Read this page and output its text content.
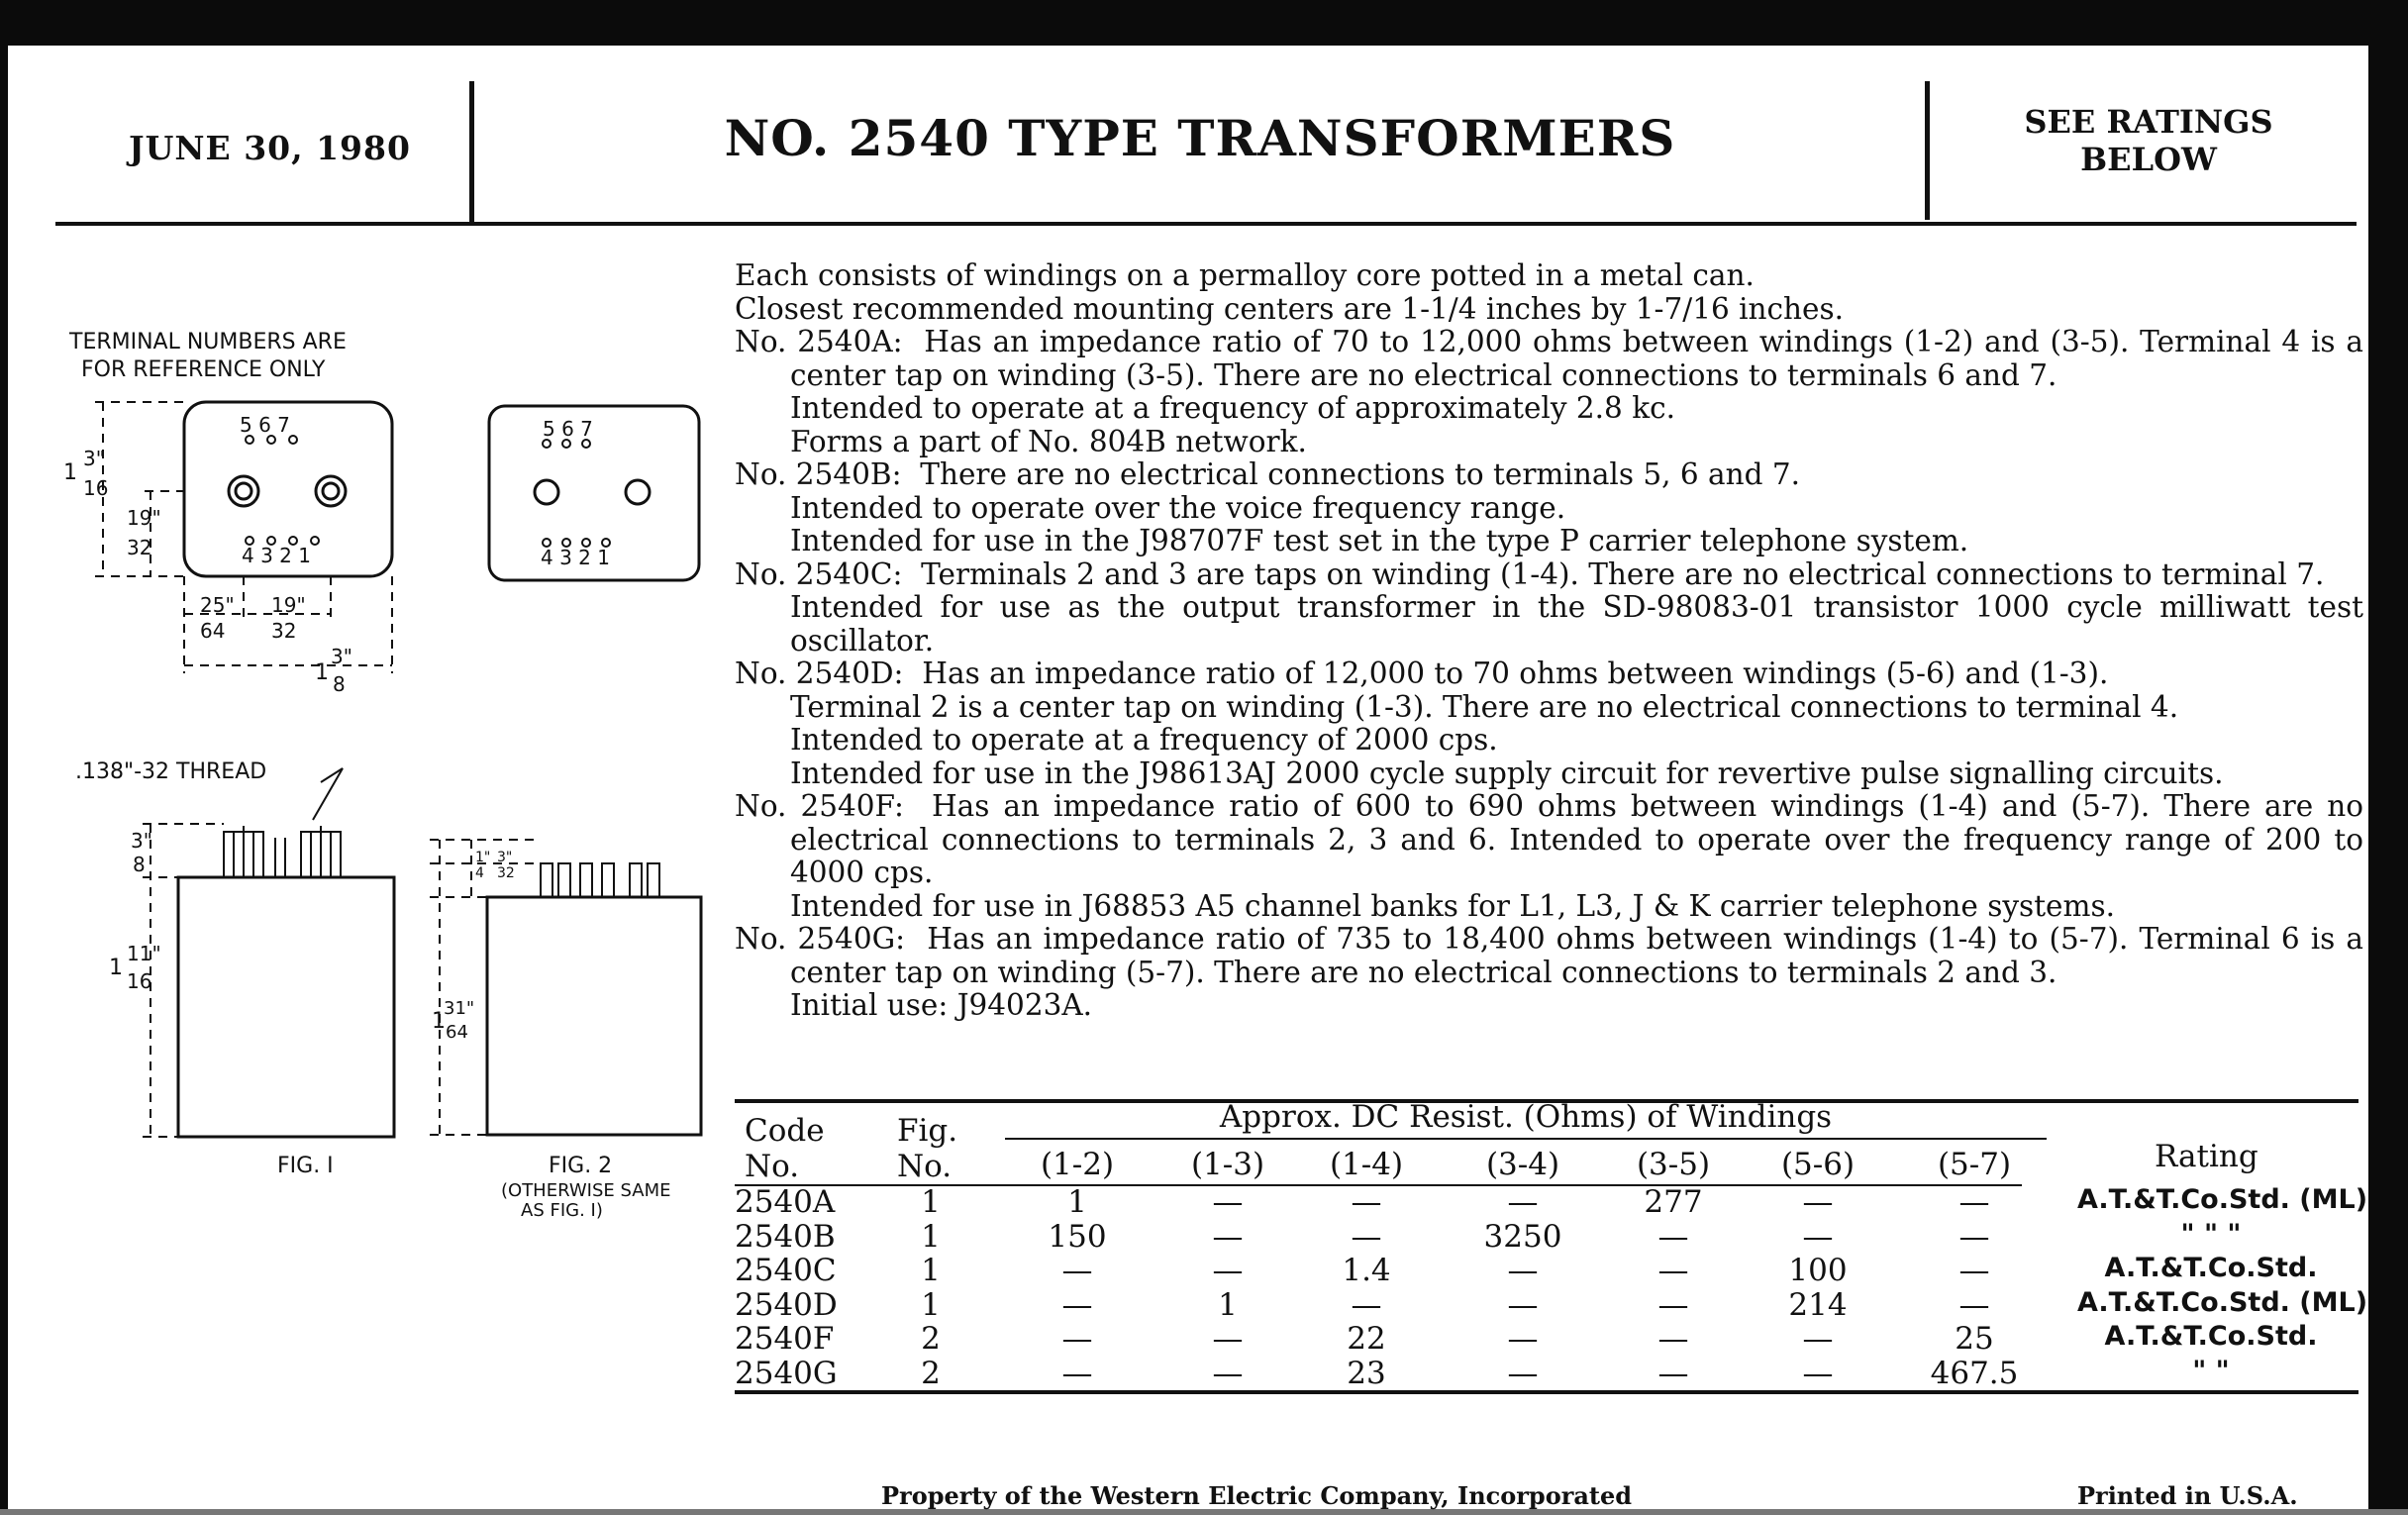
JUNE 30, 1980	NO. 2540 TYPE TRANSFORMERS	SEE RATINGS
BELOW
TERMINAL NUMBERS ARE
FOR REFERENCE ONLY
5 6 7
4 3 2 1
5 6 7
4 3 2 1
1
3"
16
19"
32
25"
64
19"
32
1
3"
8
.138"-32 THREAD
3"
8
1
11"
16
1"
4
3"
32
1
31"
64
FIG. I	FIG. 2
(OTHERWISE SAME
AS FIG. I)
Each consists of windings on a permalloy core potted in a metal can.
Closest recommended mounting centers are 1-1/4 inches by 1-7/16 inches.
No. 2540A: Has an impedance ratio of 70 to 12,000 ohms between windings (1-2) and (3-5). Terminal 4 is a center tap on winding (3-5). There are no electrical connections to terminals 6 and 7.
Intended to operate at a frequency of approximately 2.8 kc.
Forms a part of No. 804B network.
No. 2540B: There are no electrical connections to terminals 5, 6 and 7.
Intended to operate over the voice frequency range.
Intended for use in the J98707F test set in the type P carrier telephone system.
No. 2540C: Terminals 2 and 3 are taps on winding (1-4). There are no electrical connections to terminal 7.
Intended for use as the output transformer in the SD-98083-01 transistor 1000 cycle milliwatt test oscillator.
No. 2540D: Has an impedance ratio of 12,000 to 70 ohms between windings (5-6) and (1-3).
Terminal 2 is a center tap on winding (1-3). There are no electrical connections to terminal 4.
Intended to operate at a frequency of 2000 cps.
Intended for use in the J98613AJ 2000 cycle supply circuit for revertive pulse signalling circuits.
No. 2540F: Has an impedance ratio of 600 to 690 ohms between windings (1-4) and (5-7). There are no electrical connections to terminals 2, 3 and 6. Intended to operate over the frequency range of 200 to 4000 cps.
Intended for use in J68853 A5 channel banks for L1, L3, J & K carrier telephone systems.
No. 2540G: Has an impedance ratio of 735 to 18,400 ohms between windings (1-4) to (5-7). Terminal 6 is a center tap on winding (5-7). There are no electrical connections to terminals 2 and 3.
Initial use: J94023A.
Code
No.
Fig.
No.
Approx. DC Resist. (Ohms) of Windings
Rating
(1-2)	(1-3)	(1-4)	(3-4)	(3-5)	(5-6)	(5-7)
2540A	1	1	—	—	—	277	—	—	A.T.&T.Co.Std. (ML)
2540B	1	150	—	—	3250	—	—	—	" " "
2540C	1	—	—	1.4	—	—	100	—	A.T.&T.Co.Std.
2540D	1	—	1	—	—	—	214	—	A.T.&T.Co.Std. (ML)
2540F	2	—	—	22	—	—	—	25	A.T.&T.Co.Std.
2540G	2	—	—	23	—	—	—	467.5	" "
Property of the Western Electric Company, Incorporated	Printed in U.S.A.
